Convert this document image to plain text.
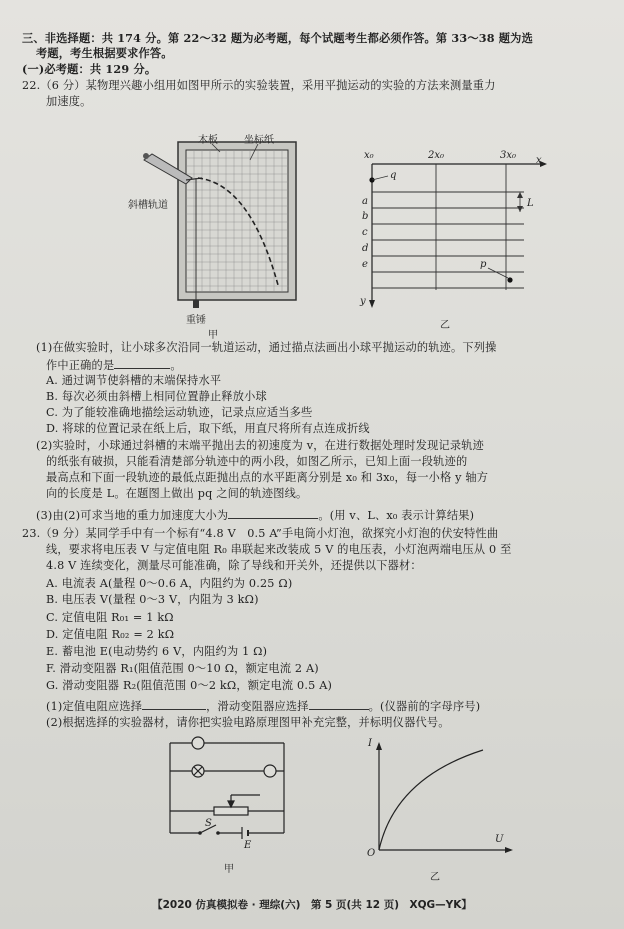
三、非选择题：共 174 分。第 22～32 题为必考题，每个试题考生都必须作答。第 33～38 题为选
考题，考生根据要求作答。
(一)必考题：共 129 分。
22.（6 分）某物理兴趣小组用如图甲所示的实验装置，采用平抛运动的实验的方法来测量重力
加速度。
木板	坐标纸
斜槽轨道
重锤
甲
x₀	2x₀	3x₀ x
y
q
p
a
b
c
d
e
L
乙
(1)在做实验时，让小球多次沿同一轨道运动，通过描点法画出小球平抛运动的轨迹。下列操
作中正确的是	。
A. 通过调节使斜槽的末端保持水平
B. 每次必须由斜槽上相同位置静止释放小球
C. 为了能较准确地描绘运动轨迹，记录点应适当多些
D. 将球的位置记录在纸上后，取下纸，用直尺将所有点连成折线
(2)实验时，小球通过斜槽的末端平抛出去的初速度为 v，在进行数据处理时发现记录轨迹
的纸张有破损，只能看清楚部分轨迹中的两小段，如图乙所示，已知上面一段轨迹的
最高点和下面一段轨迹的最低点距抛出点的水平距离分别是 x₀ 和 3x₀，每一小格 y 轴方
向的长度是 L。在题图上做出 pq 之间的轨迹图线。
(3)由(2)可求当地的重力加速度大小为	。(用 v、L、x₀ 表示计算结果)
23.（9 分）某同学手中有一个标有“4.8 V　0.5 A”手电筒小灯泡，欲探究小灯泡的伏安特性曲
线，要求将电压表 V 与定值电阻 R₀ 串联起来改装成 5 V 的电压表，小灯泡两端电压从 0 至
4.8 V 连续变化，测量尽可能准确，除了导线和开关外，还提供以下器材：
A. 电流表 A(量程 0～0.6 A，内阻约为 0.25 Ω)
B. 电压表 V(量程 0～3 V，内阻为 3 kΩ)
C. 定值电阻 R₀₁ = 1 kΩ
D. 定值电阻 R₀₂ = 2 kΩ
E. 蓄电池 E(电动势约 6 V，内阻约为 1 Ω)
F. 滑动变阻器 R₁(阻值范围 0～10 Ω，额定电流 2 A)
G. 滑动变阻器 R₂(阻值范围 0～2 kΩ，额定电流 0.5 A)
(1)定值电阻应选择	，滑动变阻器应选择	。(仪器前的字母序号)
(2)根据选择的实验器材，请你把实验电路原理图甲补充完整，并标明仪器代号。
S
E
甲
O
I
U
乙
【2020 仿真模拟卷 · 理综(六)　第 5 页(共 12 页)　XQG—YK】
